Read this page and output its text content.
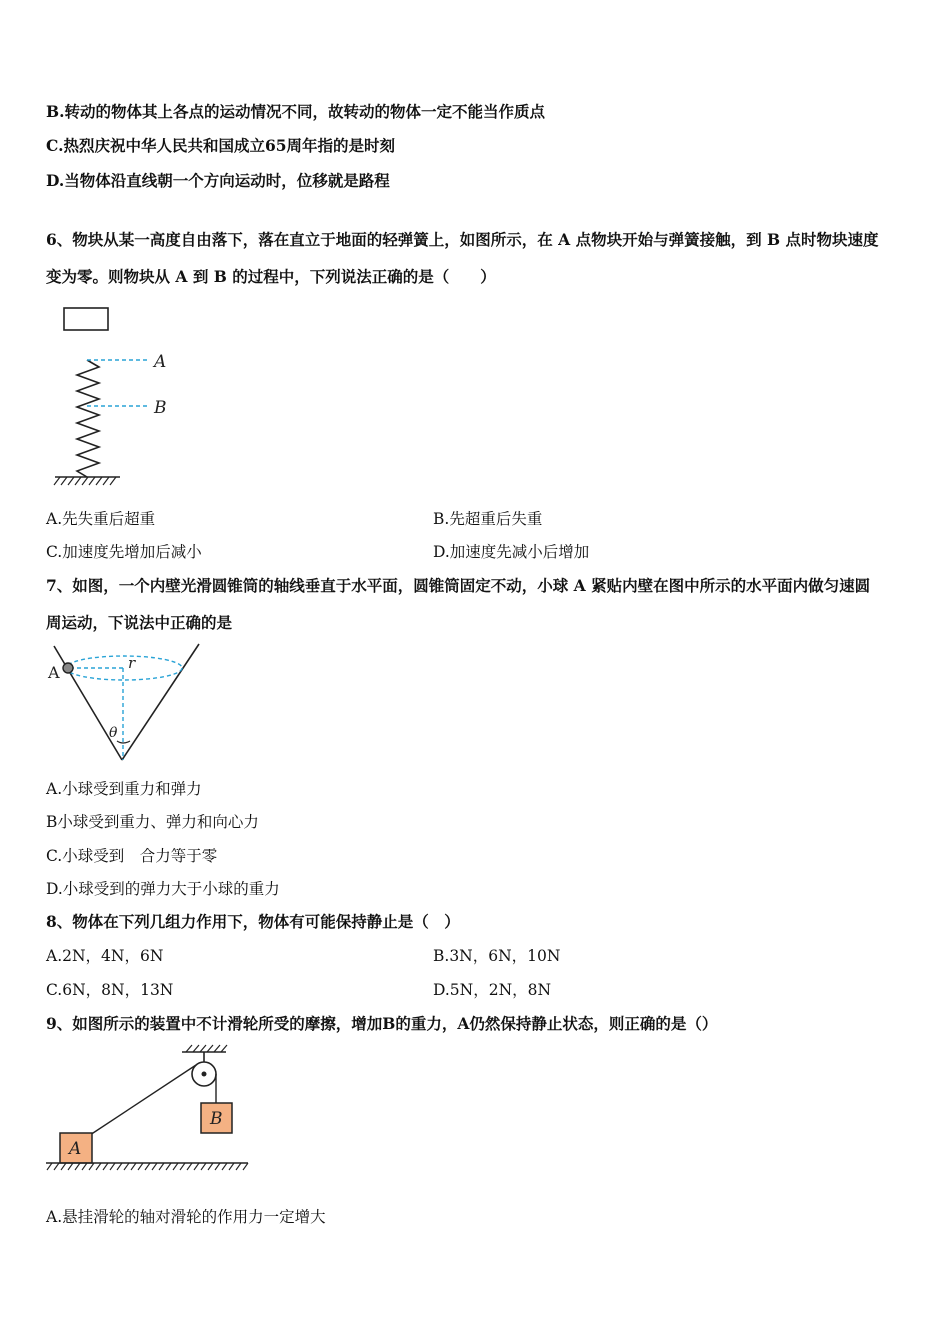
B.转动的物体其上各点的运动情况不同，故转动的物体一定不能当作质点
C.热烈庆祝中华人民共和国成立65周年指的是时刻
D.当物体沿直线朝一个方向运动时，位移就是路程
6、物块从某一高度自由落下，落在直立于地面的轻弹簧上，如图所示，在 A 点物块开始与弹簧接触，到 B 点时物块速度
变为零。则物块从 A 到 B 的过程中，下列说法正确的是（　　）
A
B
A.先失重后超重	B.先超重后失重
C.加速度先增加后减小	D.加速度先减小后增加
7、如图，一个内壁光滑圆锥筒的轴线垂直于水平面，圆锥筒固定不动，小球 A 紧贴内壁在图中所示的水平面内做匀速圆
周运动，下说法中正确的是
A	r
θ
A.小球受到重力和弹力
B小球受到重力、弹力和向心力
C.小球受到　合力等于零
D.小球受到的弹力大于小球的重力
8、物体在下列几组力作用下，物体有可能保持静止是（　）
A.2N，4N，6N	B.3N，6N，10N
C.6N，8N，13N	D.5N，2N，8N
9、如图所示的装置中不计滑轮所受的摩擦，增加B的重力，A仍然保持静止状态，则正确的是（）
B
A
A.悬挂滑轮的轴对滑轮的作用力一定增大
